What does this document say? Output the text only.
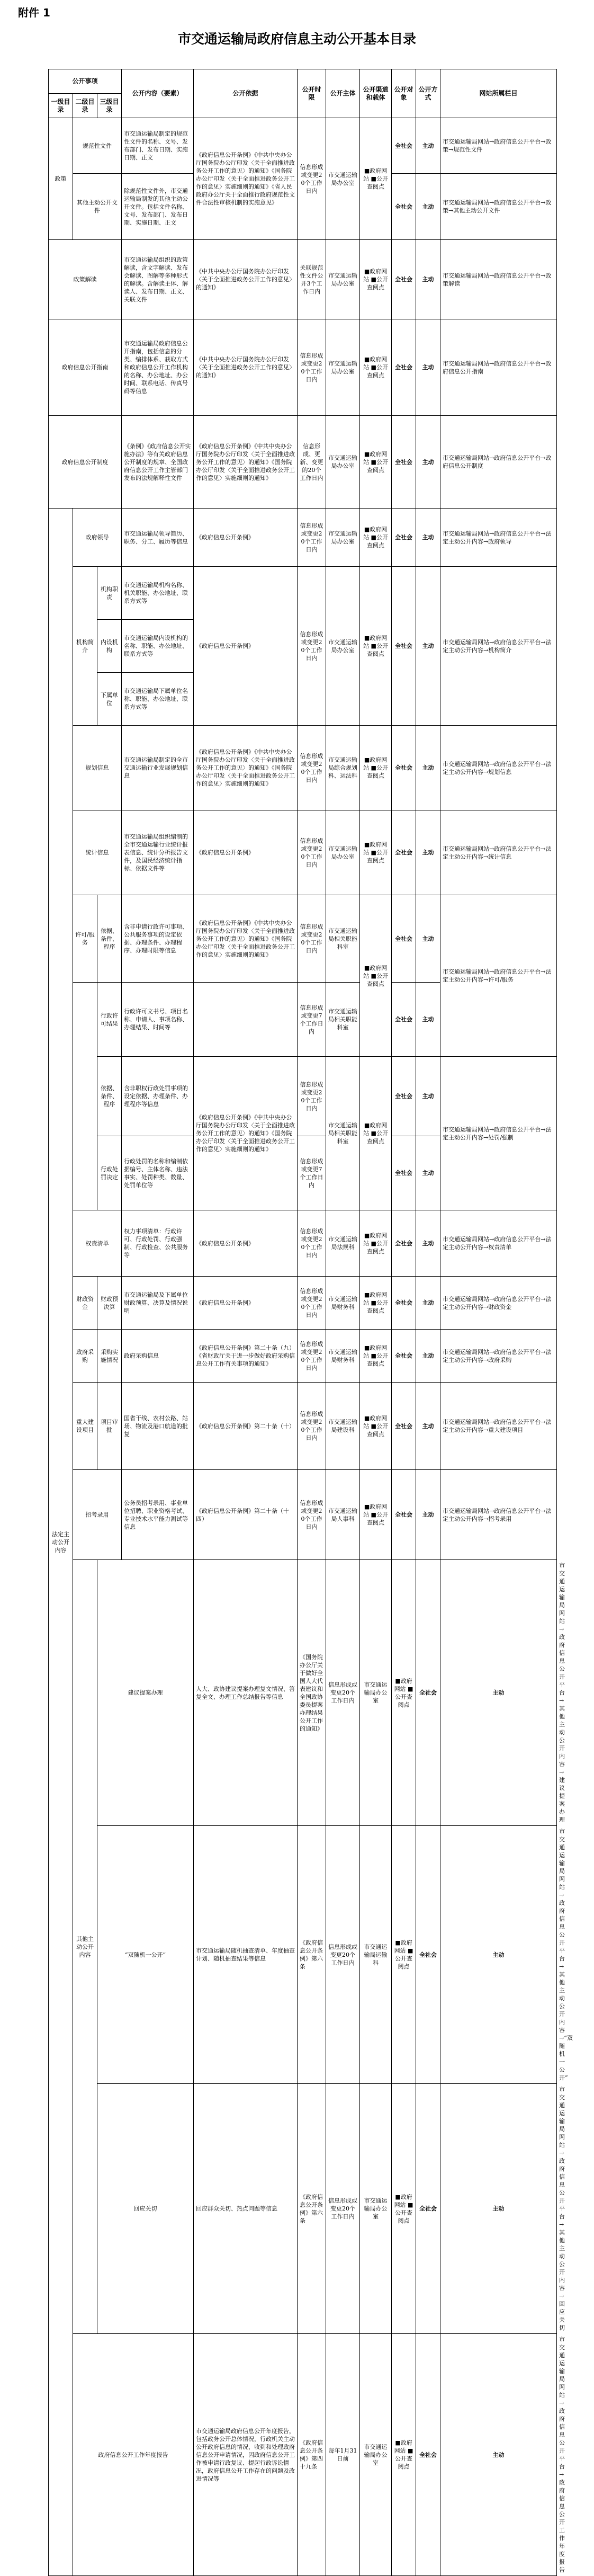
附件 1
市交通运输局政府信息主动公开基本目录
公开事项			公开内容（要素）	公开依据	公开时限	公开主体	公开渠道和载体	公开对象	公开方式	网站所属栏目	
一级目录	二级目录	三级目录									
政策	规范性文件		市交通运输局制定的规范性文件的名称、文号、发布部门、发布日期、实施日期、正文	《政府信息公开条例》《中共中央办公厅国务院办公厅印发〈关于全面推进政务公开工作的意见〉的通知》《国务院办公厅印发〈关于全面推进政务公开工作的意见〉实施细则的通知》《省人民政府办公厅关于全面推行政府规范性文件合法性审核机制的实施意见》	信息形成或变更20个工作日内	市交通运输局办公室	■政府网站 ■公开查阅点	全社会	主动	市交通运输局网站→政府信息公开平台→政策→规范性文件	
	其他主动公开文件		除规范性文件外，市交通运输局制发的其他主动公开文件。包括文件名称、文号、发布部门、发布日期、实施日期、正文					全社会	主动	市交通运输局网站→政府信息公开平台→政策→其他主动公开文件	
政策解读			市交通运输局组织的政策解读，含文字解读、发布会解读、图解等多种形式的解读。含解读主体、解读人、发布日期、正文、关联文件	《中共中央办公厅国务院办公厅印发〈关于全面推进政务公开工作的意见〉的通知》	关联规范性文件公开3个工作日内	市交通运输局办公室	■政府网站 ■公开查阅点	全社会	主动	市交通运输局网站→政府信息公开平台→政策解读	
政府信息公开指南			市交通运输局政府信息公开指南，包括信息的分类、编排体系、获取方式和政府信息公开工作机构的名称、办公地址、办公时间、联系电话、传真号码等信息	《中共中央办公厅国务院办公厅印发〈关于全面推进政务公开工作的意见〉的通知》	信息形成或变更20个工作日内	市交通运输局办公室	■政府网站 ■公开查阅点	全社会	主动	市交通运输局网站→政府信息公开平台→政府信息公开指南	
政府信息公开制度			《条例》《政府信息公开实施办法》等有关政府信息公开制度的规章、全国政府信息公开工作主管部门发布的法规解释性文件	《政府信息公开条例》《中共中央办公厅国务院办公厅印发〈关于全面推进政务公开工作的意见〉的通知》《国务院办公厅印发〈关于全面推进政务公开工作的意见〉实施细则的通知》	信息形成、更新、变更的20个工作日内	市交通运输局办公室	■政府网站 ■公开查阅点	全社会	主动	市交通运输局网站→政府信息公开平台→政府信息公开制度	
法定主动公开内容	政府领导		市交通运输局领导简历、职务、分工、履历等信息	《政府信息公开条例》	信息形成或变更20个工作日内	市交通运输局办公室	■政府网站 ■公开查阅点	全社会	主动	市交通运输局网站→政府信息公开平台→法定主动公开内容→政府领导	
	机构简介	机构职责	市交通运输局机构名称、机关职能、办公地址、联系方式等	《政府信息公开条例》	信息形成或变更20个工作日内	市交通运输局办公室	■政府网站 ■公开查阅点	全社会	主动	市交通运输局网站→政府信息公开平台→法定主动公开内容→机构简介	
		内设机构	市交通运输局内设机构的名称、职能、办公地址、联系方式等								
		下属单位	市交通运输局下属单位名称、职能、办公地址、联系方式等								
	规划信息		市交通运输局制定的全市交通运输行业发展规划信息	《政府信息公开条例》《中共中央办公厅国务院办公厅印发〈关于全面推进政务公开工作的意见〉的通知》《国务院办公厅印发〈关于全面推进政务公开工作的意见〉实施细则的通知》	信息形成或变更20个工作日内	市交通运输局综合规划科、运法科	■政府网站 ■公开查阅点	全社会	主动	市交通运输局网站→政府信息公开平台→法定主动公开内容→规划信息	
	统计信息		市交通运输局组织编制的全市交通运输行业统计报表信息、统计分析报告文件，及国民经济统计指标、依据文件等	《政府信息公开条例》	信息形成或变更20个工作日内	市交通运输局办公室	■政府网站 ■公开查阅点	全社会	主动	市交通运输局网站→政府信息公开平台→法定主动公开内容→统计信息	
	许可/服务	依据、条件、程序	含非申请行政许可事项、公共服务事项的设定依据、办理条件、办理程序、办理时限等信息	《政府信息公开条例》《中共中央办公厅国务院办公厅印发〈关于全面推进政务公开工作的意见〉的通知》《国务院办公厅印发〈关于全面推进政务公开工作的意见〉实施细则的通知》	信息形成或变更20个工作日内	市交通运输局相关职能科室	■政府网站 ■公开查阅点	全社会	主动	市交通运输局网站→政府信息公开平台→法定主动公开内容→许可/服务	
		行政许可结果	行政许可文书号、项目名称、申请人、事项名称、办理结果、时间等		信息形成或变更7个工作日内	市交通运输局相关职能科室		全社会	主动		
		依据、条件、程序	含非职权行政处罚事项的设定依据、办理条件、办理程序等信息	《政府信息公开条例》《中共中央办公厅国务院办公厅印发〈关于全面推进政务公开工作的意见〉的通知》《国务院办公厅印发〈关于全面推进政务公开工作的意见〉实施细则的通知》	信息形成或变更20个工作日内	市交通运输局相关职能科室	■政府网站 ■公开查阅点	全社会	主动	市交通运输局网站→政府信息公开平台→法定主动公开内容→处罚/强制	
		行政处罚决定	行政处罚的名称和编制依据编号、主体名称、违法事实、处罚种类、数量、处罚单位等		信息形成或变更7个工作日内			全社会	主动		
	权责清单		权力事项清单：行政许可、行政处罚、行政强制、行政检查、公共服务等	《政府信息公开条例》	信息形成或变更20个工作日内	市交通运输局法规科	■政府网站 ■公开查阅点	全社会	主动	市交通运输局网站→政府信息公开平台→法定主动公开内容→权责清单	
	财政资金	财政预决算	市交通运输局及下属单位财政预算、决算及情况说明	《政府信息公开条例》	信息形成或变更20个工作日内	市交通运输局财务科	■政府网站 ■公开查阅点	全社会	主动	市交通运输局网站→政府信息公开平台→法定主动公开内容→财政资金	
	政府采购	采购实施情况	政府采购信息	《政府信息公开条例》第二十条（九）《省财政厅关于进一步做好政府采购信息公开工作有关事项的通知》	信息形成或变更20个工作日内	市交通运输局财务科	■政府网站 ■公开查阅点	全社会	主动	市交通运输局网站→政府信息公开平台→法定主动公开内容→政府采购	
	重大建设项目	项目审批	国省干线、农村公路、站场、物流及港口航道的批复	《政府信息公开条例》第二十条（十）	信息形成或变更20个工作日内	市交通运输局建设科	■政府网站 ■公开查阅点	全社会	主动	市交通运输局网站→政府信息公开平台→法定主动公开内容→重大建设项目	
	招考录用		公务员招考录用、事业单位招聘、职业资格考试、专业技术水平能力测试等信息	《政府信息公开条例》第二十条（十四）	信息形成或变更20个工作日内	市交通运输局人事科	■政府网站 ■公开查阅点	全社会	主动	市交通运输局网站→政府信息公开平台→法定主动公开内容→招考录用	
	其他主动公开内容	建议提案办理		人大、政协建议提案办理复文情况、答复全文、办理工作总结报告等信息	《国务院办公厅关于做好全国人大代表建议和全国政协委员提案办理结果公开工作的通知》	信息形成或变更20个工作日内	市交通运输局办公室	■政府网站 ■公开查阅点	全社会	主动	市交通运输局网站→政府信息公开平台→其他主动公开内容→建议提案办理
		“双随机一公开”		市交通运输局随机抽查清单、年度抽查计划、随机抽查结果等信息	《政府信息公开条例》第六条	信息形成或变更20个工作日内	市交通运输局运输科	■政府网站 ■公开查阅点	全社会	主动	市交通运输局网站→政府信息公开平台→其他主动公开内容→“双随机一公开”
		回应关切		回应群众关切、热点问题等信息	《政府信息公开条例》第六条	信息形成或变更20个工作日内	市交通运输局办公室	■政府网站 ■公开查阅点	全社会	主动	市交通运输局网站→政府信息公开平台→其他主动公开内容→回应关切
	政府信息公开工作年度报告			市交通运输局政府信息公开年度报告，包括政务公开总体情况，行政机关主动公开政府信息的情况，收到和处理政府信息公开申请情况，因政府信息公开工作被申请行政复议、提起行政诉讼情况，政府信息公开工作存在的问题及改进情况等	《政府信息公开条例》第四十九条	每年1月31日前	市交通运输局办公室	■政府网站 ■公开查阅点	全社会	主动	市交通运输局网站→政府信息公开平台→政府信息公开工作年度报告
